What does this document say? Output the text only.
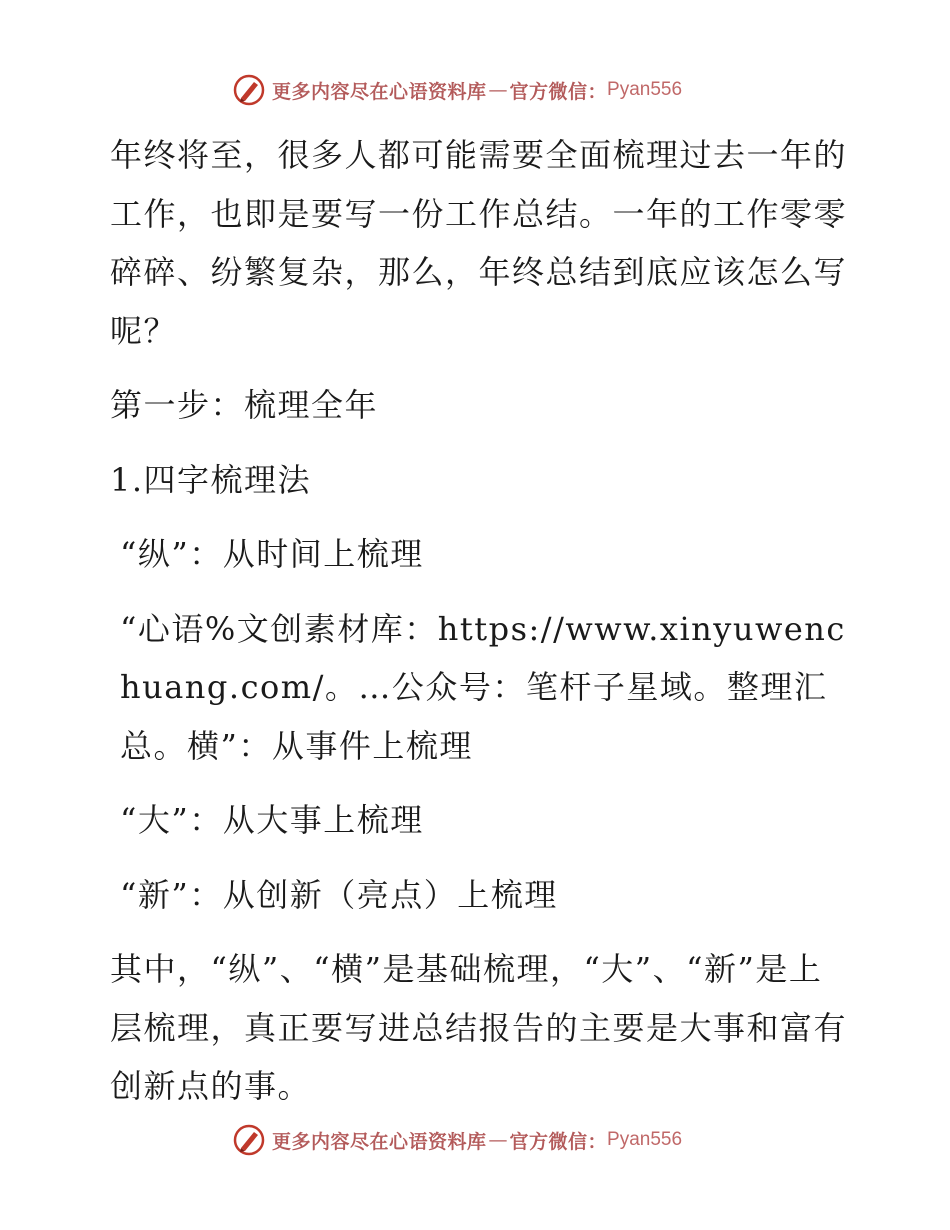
更多内容尽在心语资料库 — 官方微信： Pyan556

年终将至，很多人都可能需要全面梳理过去一年的工作，也即是要写一份工作总结。一年的工作零零碎碎、纷繁复杂，那么，年终总结到底应该怎么写呢？

第一步：梳理全年

1.四字梳理法

“纵”：从时间上梳理

“心语%文创素材库：https://www.xinyuwenchuang.com/。…公众号：笔杆子星域。整理汇总。横”：从事件上梳理

“大”：从大事上梳理

“新”：从创新（亮点）上梳理

其中，“纵”、“横”是基础梳理，“大”、“新”是上层梳理，真正要写进总结报告的主要是大事和富有创新点的事。

更多内容尽在心语资料库 — 官方微信： Pyan556
